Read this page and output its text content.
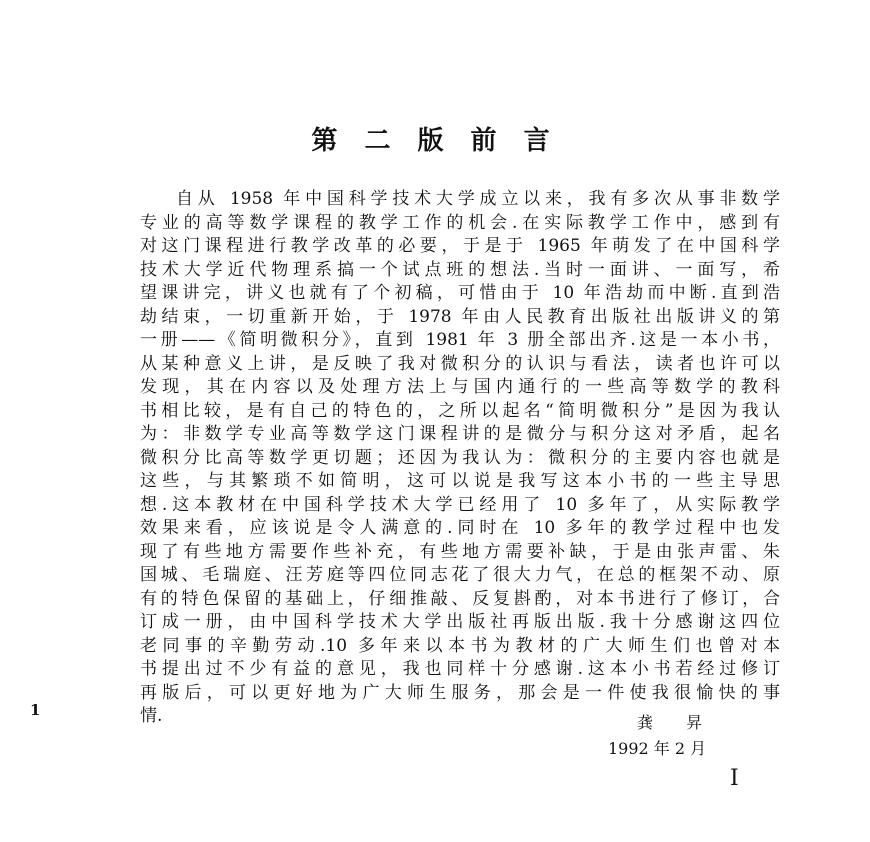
第 二 版 前 言
自从 1958 年中国科学技术大学成立以来，我有多次从事非数学
专业的高等数学课程的教学工作的机会.在实际教学工作中，感到有
对这门课程进行教学改革的必要，于是于 1965 年萌发了在中国科学
技术大学近代物理系搞一个试点班的想法.当时一面讲、一面写，希
望课讲完，讲义也就有了个初稿，可惜由于 10 年浩劫而中断.直到浩
劫结束，一切重新开始，于 1978 年由人民教育出版社出版讲义的第
一册——《简明微积分》，直到 1981 年 3 册全部出齐.这是一本小书，
从某种意义上讲，是反映了我对微积分的认识与看法，读者也许可以
发现，其在内容以及处理方法上与国内通行的一些高等数学的教科
书相比较，是有自己的特色的，之所以起名“简明微积分”是因为我认
为：非数学专业高等数学这门课程讲的是微分与积分这对矛盾，起名
微积分比高等数学更切题；还因为我认为：微积分的主要内容也就是
这些，与其繁琐不如简明，这可以说是我写这本小书的一些主导思
想.这本教材在中国科学技术大学已经用了 10 多年了，从实际教学
效果来看，应该说是令人满意的.同时在 10 多年的教学过程中也发
现了有些地方需要作些补充，有些地方需要补缺，于是由张声雷、朱
国城、毛瑞庭、汪芳庭等四位同志花了很大力气，在总的框架不动、原
有的特色保留的基础上，仔细推敲、反复斟酌，对本书进行了修订，合
订成一册，由中国科学技术大学出版社再版出版.我十分感谢这四位
老同事的辛勤劳动.10 多年来以本书为教材的广大师生们也曾对本
书提出过不少有益的意见，我也同样十分感谢.这本小书若经过修订
再版后，可以更好地为广大师生服务，那会是一件使我很愉快的事
情.	龚 昇
1992 年 2 月
1
I
